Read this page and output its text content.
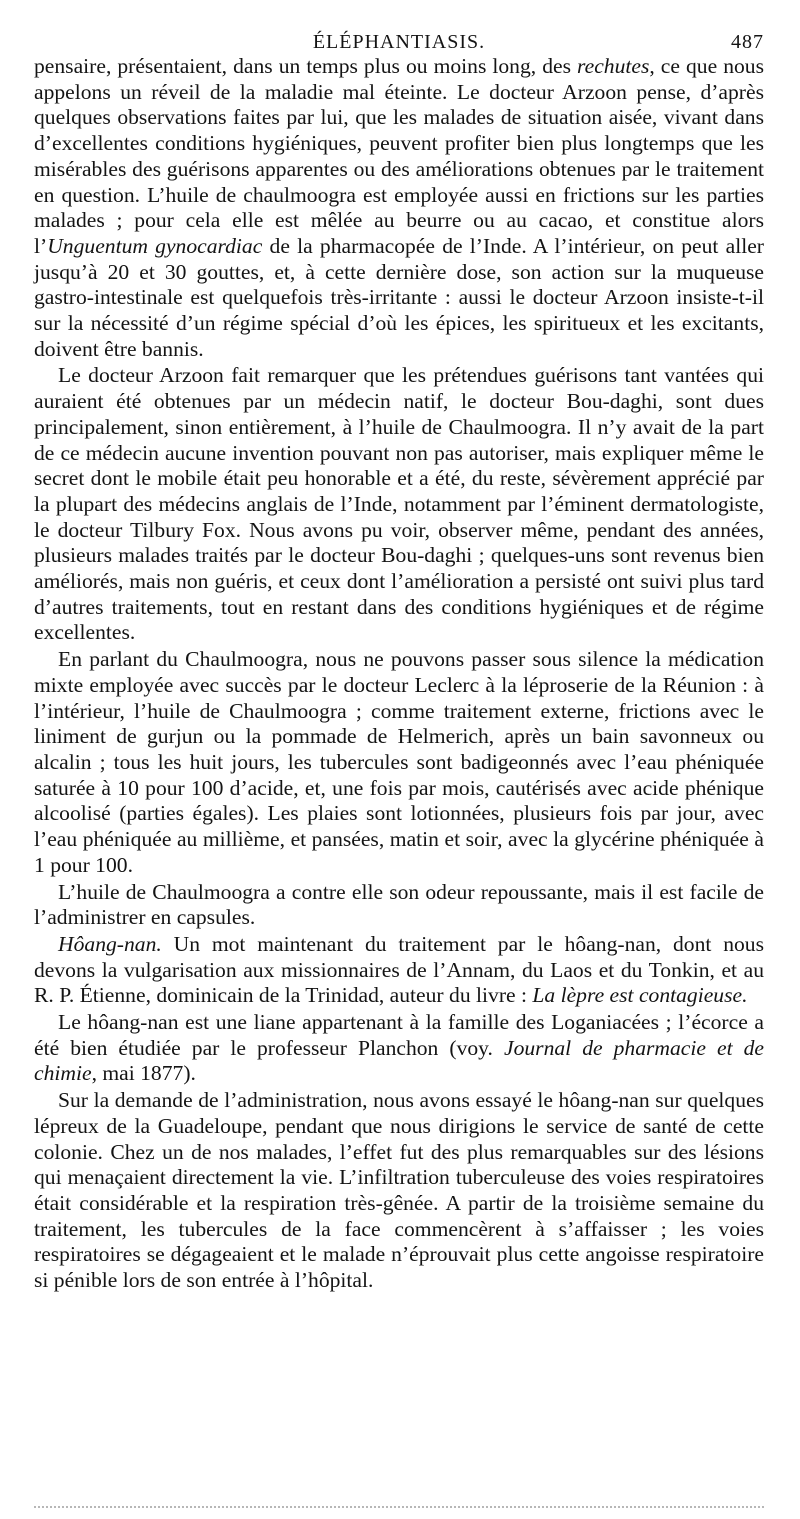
ÉLÉPHANTIASIS.	487

pensaire, présentaient, dans un temps plus ou moins long, des rechutes, ce que nous appelons un réveil de la maladie mal éteinte. Le docteur Arzoon pense, d’après quelques observations faites par lui, que les malades de situation aisée, vivant dans d’excellentes conditions hygiéniques, peuvent profiter bien plus longtemps que les misérables des guérisons apparentes ou des améliorations obtenues par le traitement en question. L’huile de chaulmoogra est employée aussi en frictions sur les parties malades ; pour cela elle est mêlée au beurre ou au cacao, et constitue alors l’Unguentum gynocardiac de la pharmacopée de l’Inde. A l’intérieur, on peut aller jusqu’à 20 et 30 gouttes, et, à cette dernière dose, son action sur la muqueuse gastro-intestinale est quelquefois très-irritante : aussi le docteur Arzoon insiste-t-il sur la nécessité d’un régime spécial d’où les épices, les spiritueux et les excitants, doivent être bannis.

Le docteur Arzoon fait remarquer que les prétendues guérisons tant vantées qui auraient été obtenues par un médecin natif, le docteur Bou-daghi, sont dues principalement, sinon entièrement, à l’huile de Chaulmoogra. Il n’y avait de la part de ce médecin aucune invention pouvant non pas autoriser, mais expliquer même le secret dont le mobile était peu honorable et a été, du reste, sévèrement apprécié par la plupart des médecins anglais de l’Inde, notamment par l’éminent dermatologiste, le docteur Tilbury Fox. Nous avons pu voir, observer même, pendant des années, plusieurs malades traités par le docteur Bou-daghi ; quelques-uns sont revenus bien améliorés, mais non guéris, et ceux dont l’amélioration a persisté ont suivi plus tard d’autres traitements, tout en restant dans des conditions hygiéniques et de régime excellentes.

En parlant du Chaulmoogra, nous ne pouvons passer sous silence la médication mixte employée avec succès par le docteur Leclerc à la léproserie de la Réunion : à l’intérieur, l’huile de Chaulmoogra ; comme traitement externe, frictions avec le liniment de gurjun ou la pommade de Helmerich, après un bain savonneux ou alcalin ; tous les huit jours, les tubercules sont badigeonnés avec l’eau phéniquée saturée à 10 pour 100 d’acide, et, une fois par mois, cautérisés avec acide phénique alcoolisé (parties égales). Les plaies sont lotionnées, plusieurs fois par jour, avec l’eau phéniquée au millième, et pansées, matin et soir, avec la glycérine phéniquée à 1 pour 100.

L’huile de Chaulmoogra a contre elle son odeur repoussante, mais il est facile de l’administrer en capsules.

Hôang-nan. Un mot maintenant du traitement par le hôang-nan, dont nous devons la vulgarisation aux missionnaires de l’Annam, du Laos et du Tonkin, et au R. P. Étienne, dominicain de la Trinidad, auteur du livre : La lèpre est contagieuse.

Le hôang-nan est une liane appartenant à la famille des Loganiacées ; l’écorce a été bien étudiée par le professeur Planchon (voy. Journal de pharmacie et de chimie, mai 1877).

Sur la demande de l’administration, nous avons essayé le hôang-nan sur quelques lépreux de la Guadeloupe, pendant que nous dirigions le service de santé de cette colonie. Chez un de nos malades, l’effet fut des plus remarquables sur des lésions qui menaçaient directement la vie. L’infiltration tuberculeuse des voies respiratoires était considérable et la respiration très-gênée. A partir de la troisième semaine du traitement, les tubercules de la face commencèrent à s’affaisser ; les voies respiratoires se dégageaient et le malade n’éprouvait plus cette angoisse respiratoire si pénible lors de son entrée à l’hôpital.
